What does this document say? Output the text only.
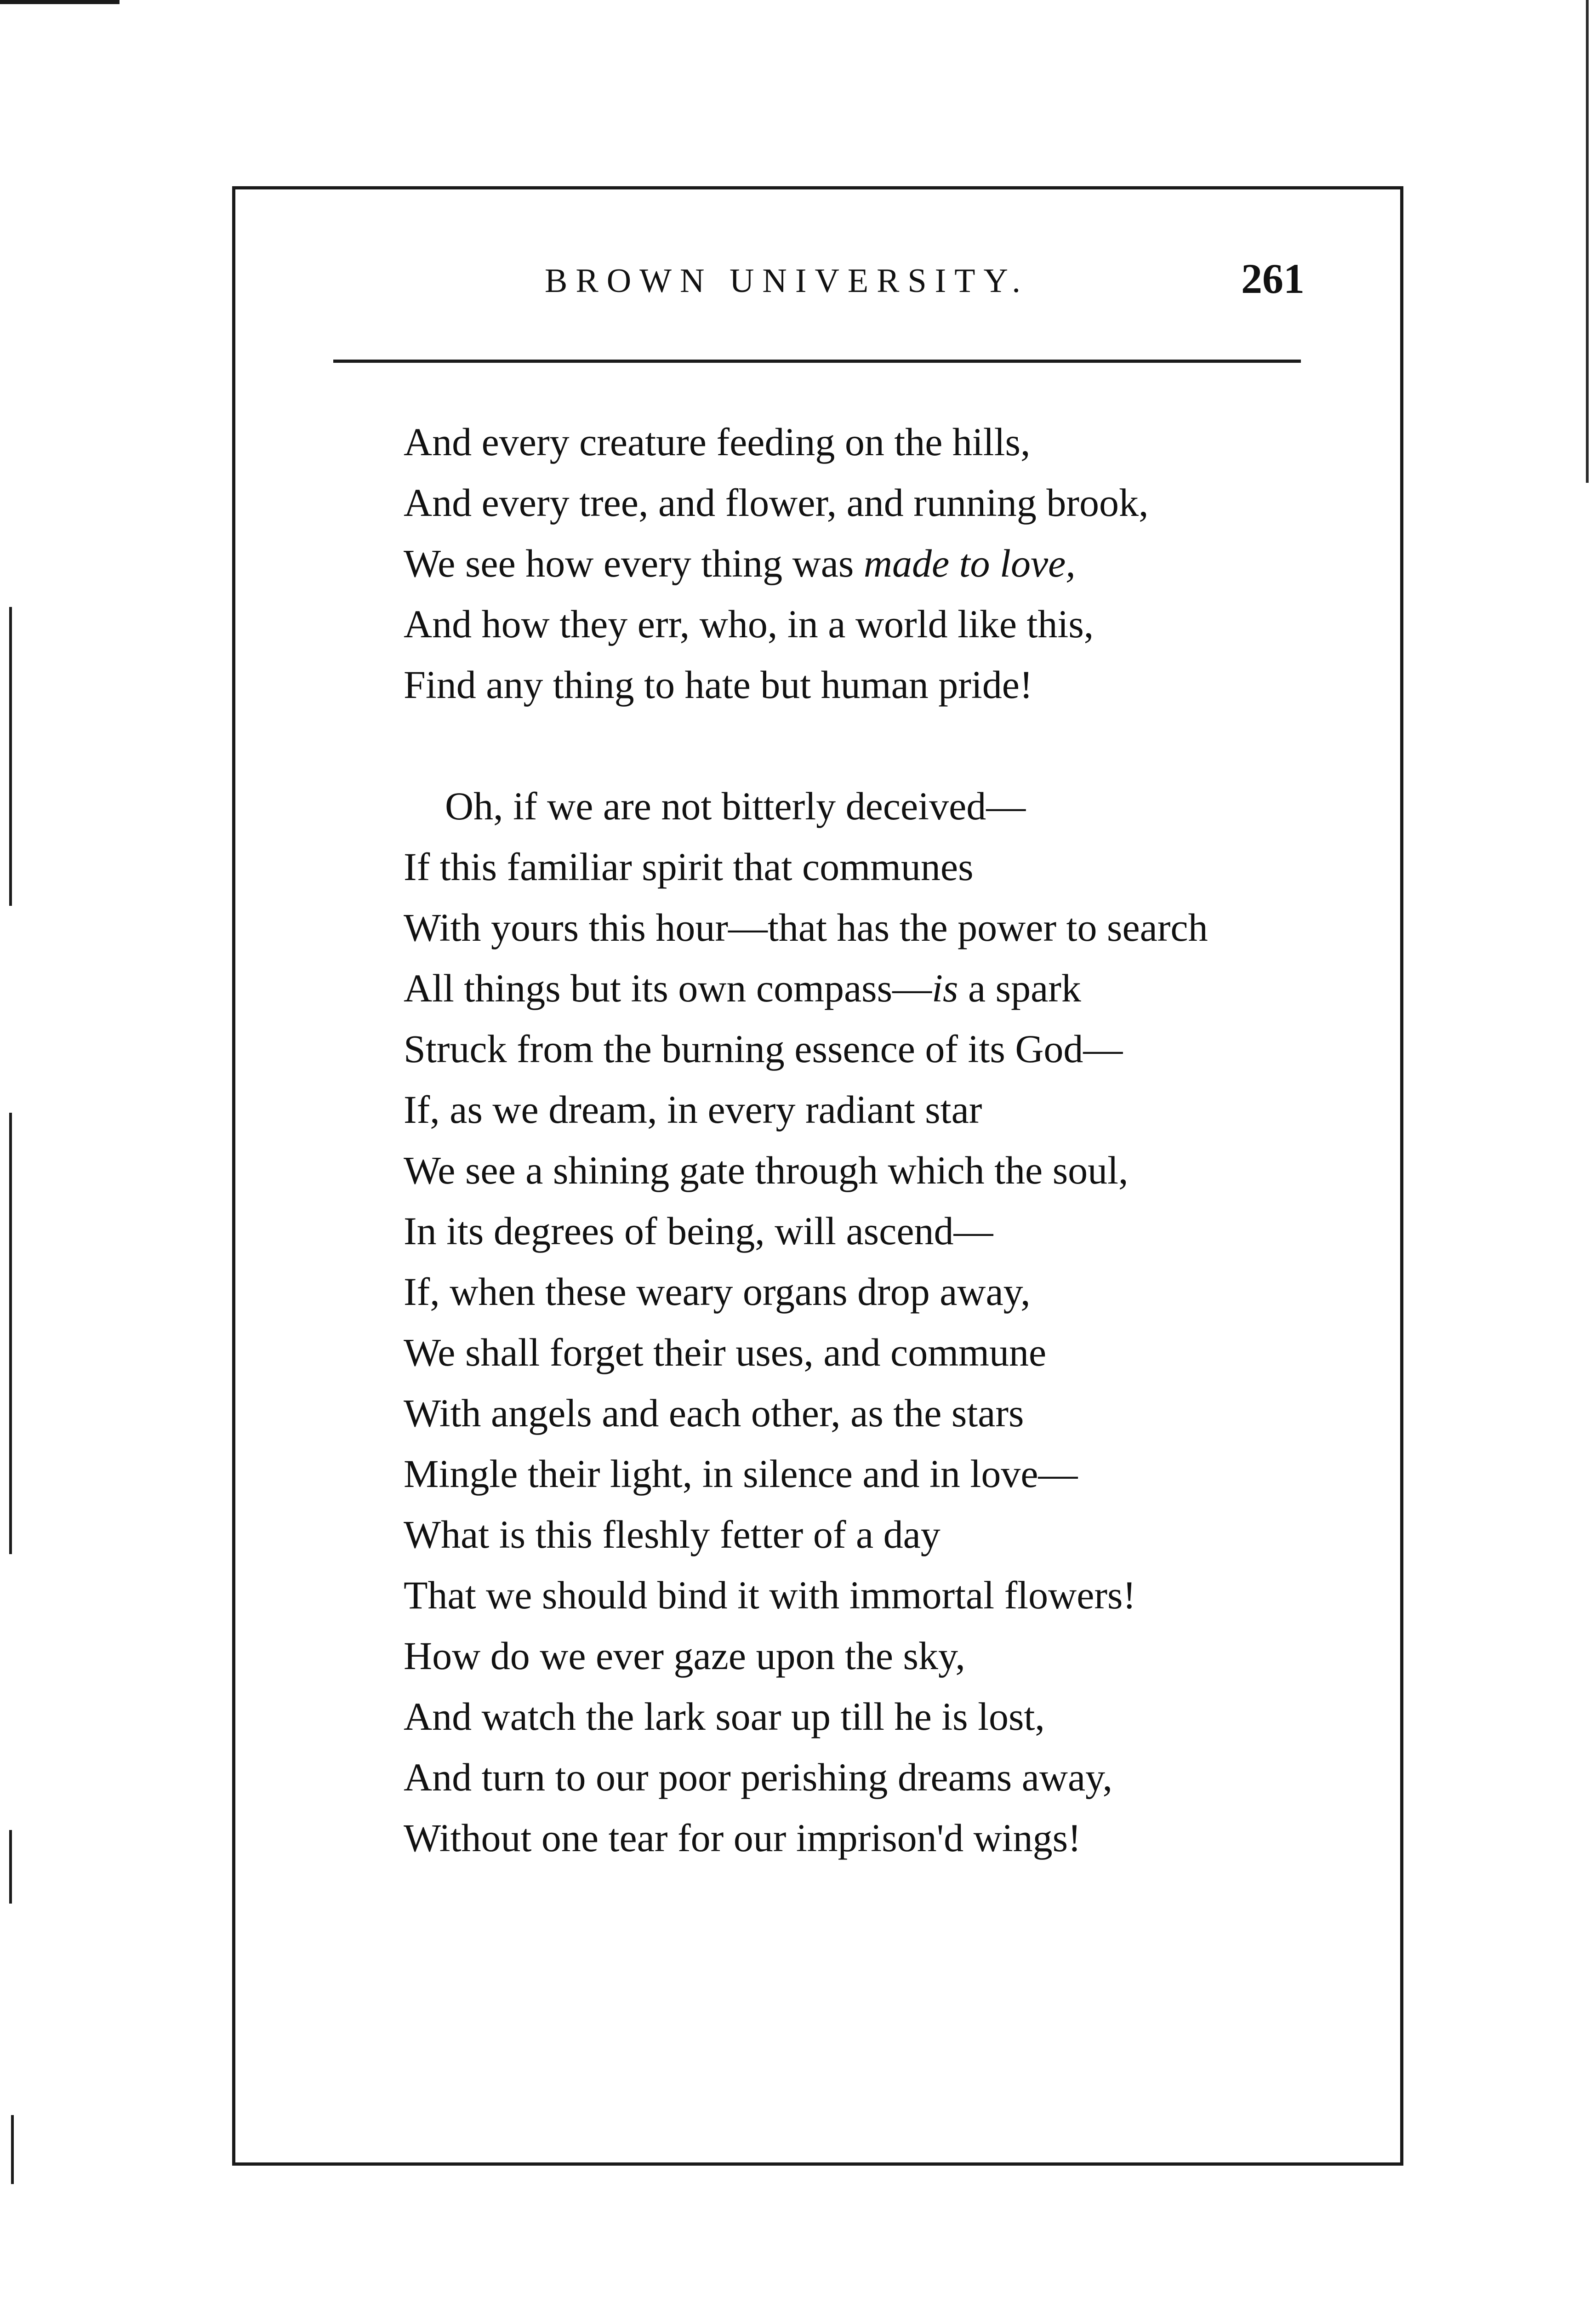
BROWN UNIVERSITY.	261
And every creature feeding on the hills,
And every tree, and flower, and running brook,
We see how every thing was made to love,
And how they err, who, in a world like this,
Find any thing to hate but human pride!
Oh, if we are not bitterly deceived—
If this familiar spirit that communes
With yours this hour—that has the power to search
All things but its own compass—is a spark
Struck from the burning essence of its God—
If, as we dream, in every radiant star
We see a shining gate through which the soul,
In its degrees of being, will ascend—
If, when these weary organs drop away,
We shall forget their uses, and commune
With angels and each other, as the stars
Mingle their light, in silence and in love—
What is this fleshly fetter of a day
That we should bind it with immortal flowers!
How do we ever gaze upon the sky,
And watch the lark soar up till he is lost,
And turn to our poor perishing dreams away,
Without one tear for our imprison'd wings!
